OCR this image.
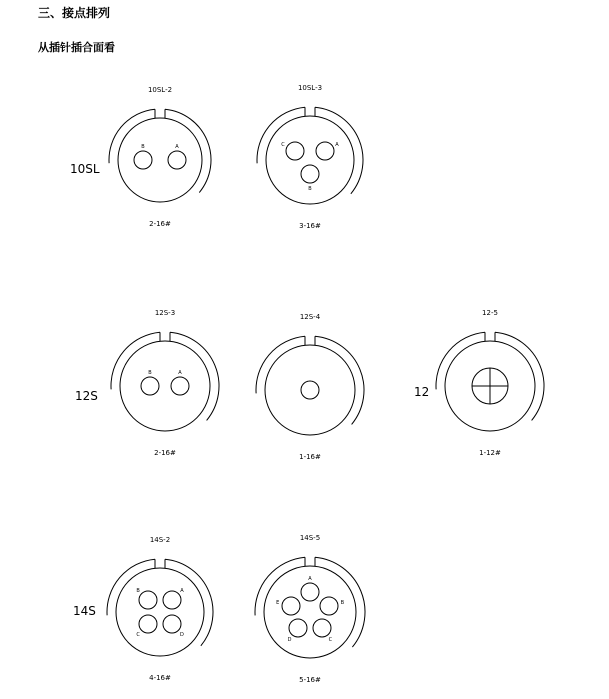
三、接点排列
从插针插合面看
10SL
B	A
10SL-2
2-16#
C	A
B
10SL-3
3-16#
12S
B	A
12S-3
2-16#
12S-4
1-16#
12
12-5
1-12#
14S
B	A
C	D
14S-2
4-16#
A
B
C
D
E
14S-5
5-16#
